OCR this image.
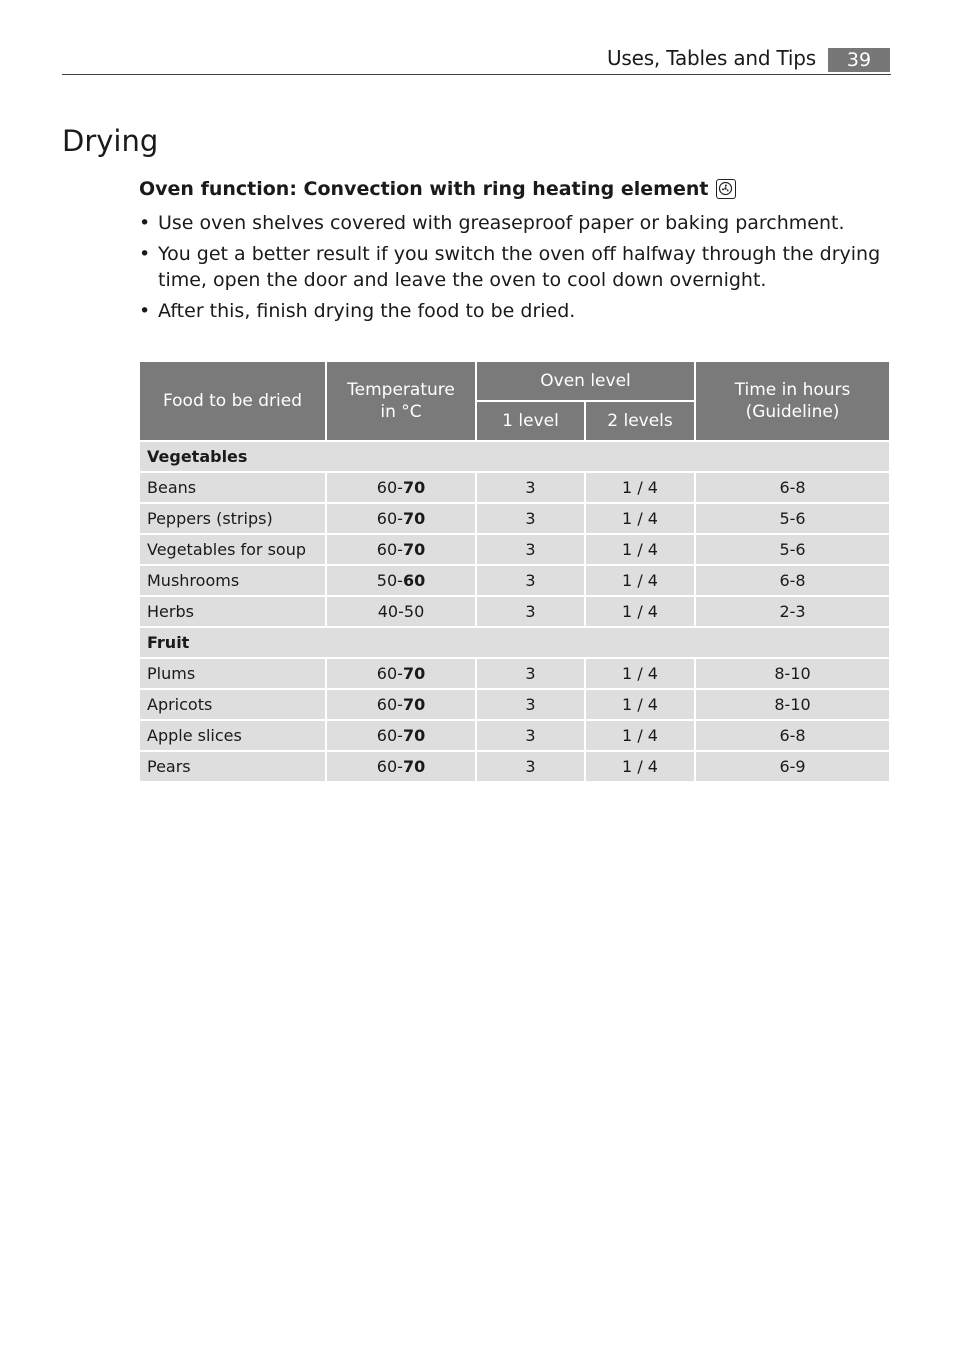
Uses, Tables and Tips	39
Drying
Oven function: Convection with ring heating element
• Use oven shelves covered with greaseproof paper or baking parchment.
• You get a better result if you switch the oven off halfway through the drying time, open the door and leave the oven to cool down overnight.
• After this, finish drying the food to be dried.
Food to be dried	Temperature in °C	Oven level		Time in hours (Guideline)
		1 level	2 levels	
Vegetables				
Beans	60-70	3	1 / 4	6-8
Peppers (strips)	60-70	3	1 / 4	5-6
Vegetables for soup	60-70	3	1 / 4	5-6
Mushrooms	50-60	3	1 / 4	6-8
Herbs	40-50	3	1 / 4	2-3
Fruit				
Plums	60-70	3	1 / 4	8-10
Apricots	60-70	3	1 / 4	8-10
Apple slices	60-70	3	1 / 4	6-8
Pears	60-70	3	1 / 4	6-9
